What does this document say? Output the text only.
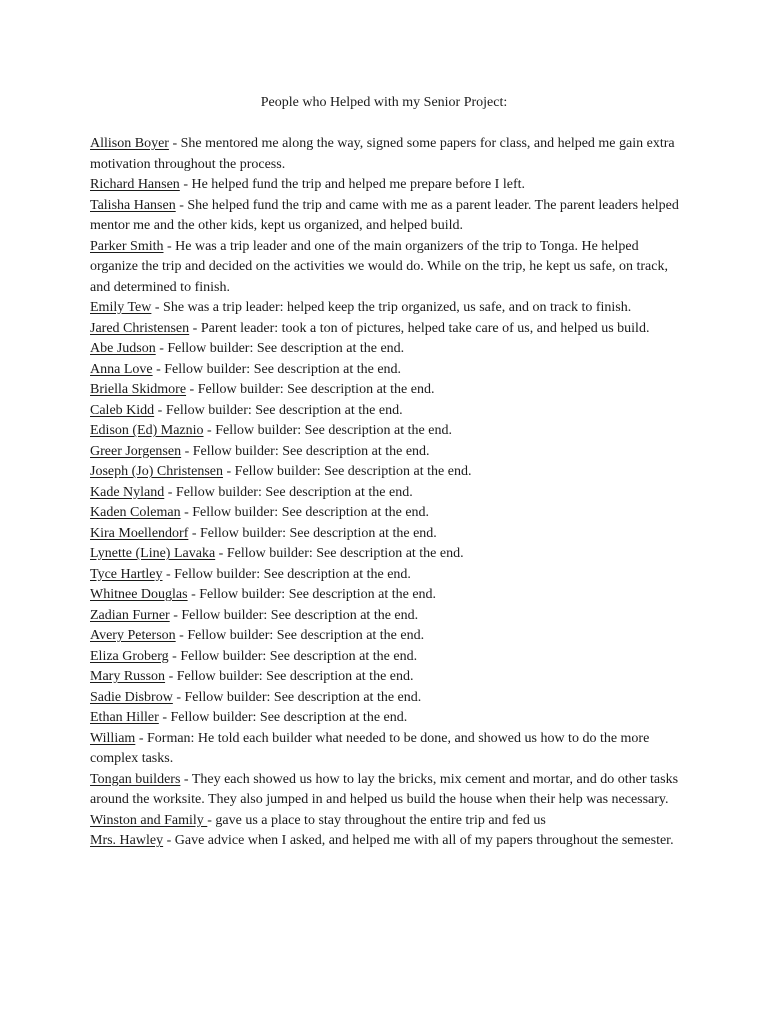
People who Helped with my Senior Project:

Allison Boyer - She mentored me along the way, signed some papers for class, and helped me gain extra motivation throughout the process.

Richard Hansen - He helped fund the trip and helped me prepare before I left.

Talisha Hansen - She helped fund the trip and came with me as a parent leader. The parent leaders helped mentor me and the other kids, kept us organized, and helped build.

Parker Smith - He was a trip leader and one of the main organizers of the trip to Tonga. He helped organize the trip and decided on the activities we would do. While on the trip, he kept us safe, on track, and determined to finish.

Emily Tew - She was a trip leader: helped keep the trip organized, us safe, and on track to finish.

Jared Christensen - Parent leader: took a ton of pictures, helped take care of us, and helped us build.

Abe Judson - Fellow builder: See description at the end.

Anna Love - Fellow builder: See description at the end.

Briella Skidmore - Fellow builder: See description at the end.

Caleb Kidd - Fellow builder: See description at the end.

Edison (Ed) Maznio - Fellow builder: See description at the end.

Greer Jorgensen - Fellow builder: See description at the end.

Joseph (Jo) Christensen - Fellow builder: See description at the end.

Kade Nyland - Fellow builder: See description at the end.

Kaden Coleman - Fellow builder: See description at the end.

Kira Moellendorf - Fellow builder: See description at the end.

Lynette (Line) Lavaka - Fellow builder: See description at the end.

Tyce Hartley - Fellow builder: See description at the end.

Whitnee Douglas - Fellow builder: See description at the end.

Zadian Furner - Fellow builder: See description at the end.

Avery Peterson - Fellow builder: See description at the end.

Eliza Groberg - Fellow builder: See description at the end.

Mary Russon - Fellow builder: See description at the end.

Sadie Disbrow - Fellow builder: See description at the end.

Ethan Hiller - Fellow builder: See description at the end.

William - Forman: He told each builder what needed to be done, and showed us how to do the more complex tasks.

Tongan builders - They each showed us how to lay the bricks, mix cement and mortar, and do other tasks around the worksite. They also jumped in and helped us build the house when their help was necessary.

Winston and Family - gave us a place to stay throughout the entire trip and fed us

Mrs. Hawley - Gave advice when I asked, and helped me with all of my papers throughout the semester.
